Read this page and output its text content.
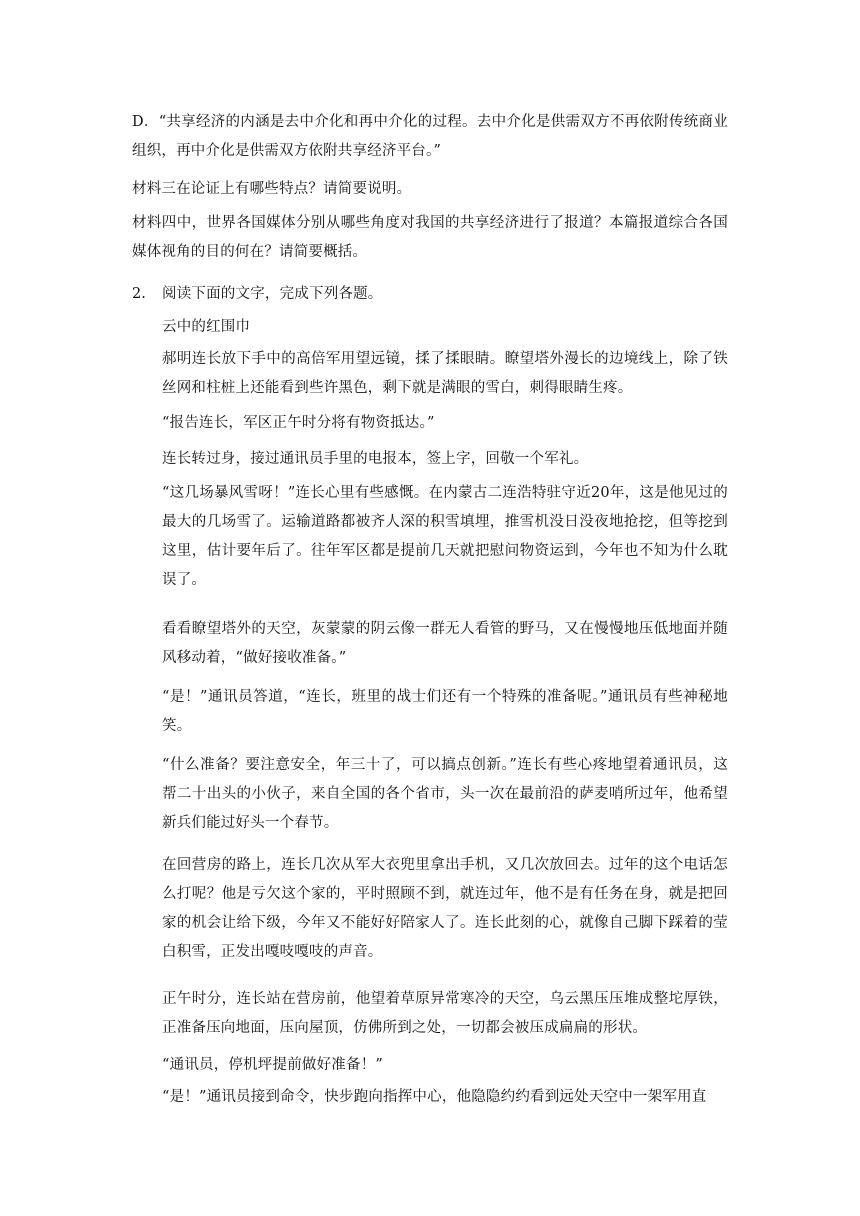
D．“共享经济的内涵是去中介化和再中介化的过程。去中介化是供需双方不再依附传统商业组织，再中介化是供需双方依附共享经济平台。”
材料三在论证上有哪些特点？请简要说明。
材料四中，世界各国媒体分别从哪些角度对我国的共享经济进行了报道？本篇报道综合各国媒体视角的目的何在？请简要概括。
2. 阅读下面的文字，完成下列各题。
云中的红围巾
郝明连长放下手中的高倍军用望远镜，揉了揉眼睛。瞭望塔外漫长的边境线上，除了铁丝网和柱桩上还能看到些许黑色，剩下就是满眼的雪白，刺得眼睛生疼。
“报告连长，军区正午时分将有物资抵达。”
连长转过身，接过通讯员手里的电报本，签上字，回敬一个军礼。
“这几场暴风雪呀！”连长心里有些感慨。在内蒙古二连浩特驻守近20年，这是他见过的最大的几场雪了。运输道路都被齐人深的积雪填埋，推雪机没日没夜地抢挖，但等挖到这里，估计要年后了。往年军区都是提前几天就把慰问物资运到，今年也不知为什么耽误了。
看看瞭望塔外的天空，灰蒙蒙的阴云像一群无人看管的野马，又在慢慢地压低地面并随风移动着，“做好接收准备。”
“是！”通讯员答道，“连长，班里的战士们还有一个特殊的准备呢。”通讯员有些神秘地笑。
“什么准备？要注意安全，年三十了，可以搞点创新。”连长有些心疼地望着通讯员，这帮二十出头的小伙子，来自全国的各个省市，头一次在最前沿的萨麦哨所过年，他希望新兵们能过好头一个春节。
在回营房的路上，连长几次从军大衣兜里拿出手机，又几次放回去。过年的这个电话怎么打呢？他是亏欠这个家的，平时照顾不到，就连过年，他不是有任务在身，就是把回家的机会让给下级，今年又不能好好陪家人了。连长此刻的心，就像自己脚下踩着的莹白积雪，正发出嘎吱嘎吱的声音。
正午时分，连长站在营房前，他望着草原异常寒冷的天空，乌云黑压压堆成整坨厚铁，正准备压向地面，压向屋顶，仿佛所到之处，一切都会被压成扁扁的形状。
“通讯员，停机坪提前做好准备！”
“是！”通讯员接到命令，快步跑向指挥中心，他隐隐约约看到远处天空中一架军用直
